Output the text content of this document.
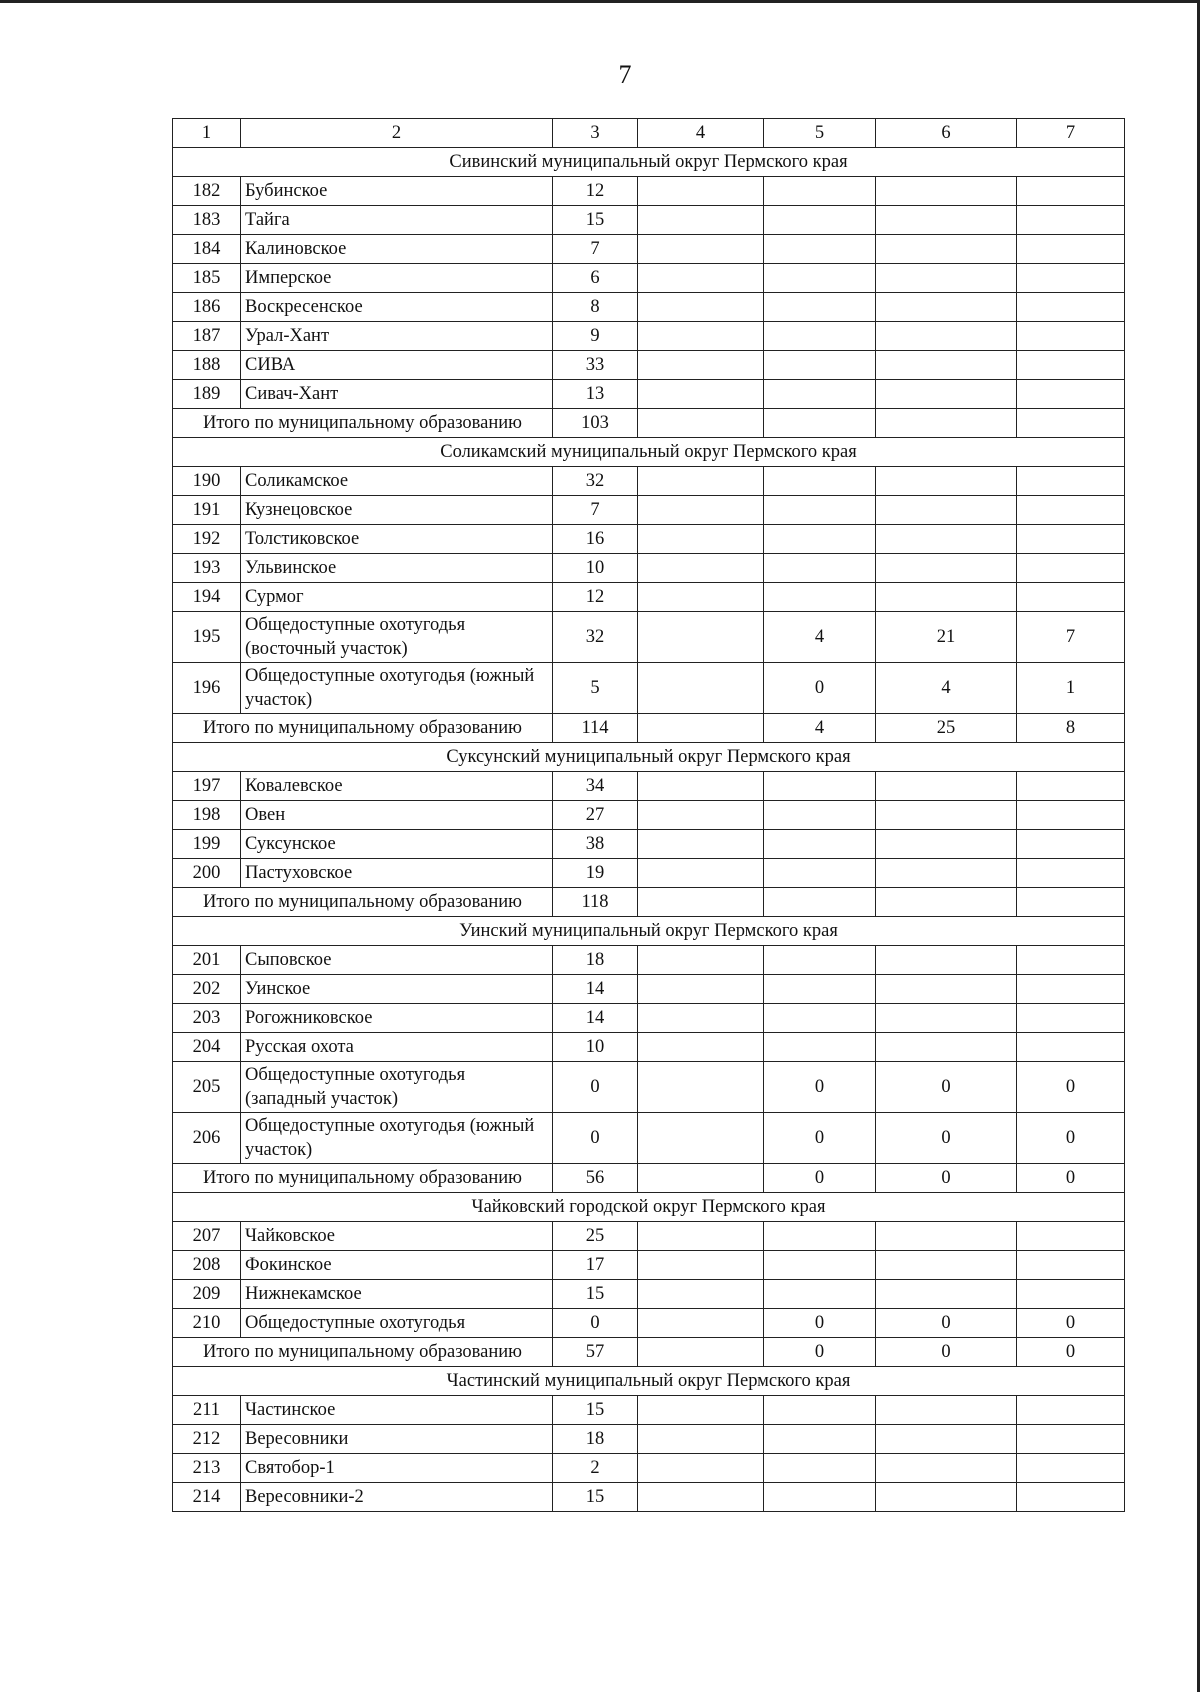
7
1	2	3	4	5	6	7
Сивинский муниципальный округ Пермского края						
182	Бубинское	12				
183	Тайга	15				
184	Калиновское	7				
185	Имперское	6				
186	Воскресенское	8				
187	Урал-Хант	9				
188	СИВА	33				
189	Сивач-Хант	13				
Итого по муниципальному образованию		103				
Соликамский муниципальный округ Пермского края						
190	Соликамское	32				
191	Кузнецовское	7				
192	Толстиковское	16				
193	Ульвинское	10				
194	Сурмог	12				
195	Общедоступные охотугодья (восточный участок)	32		4	21	7
196	Общедоступные охотугодья (южный участок)	5		0	4	1
Итого по муниципальному образованию		114		4	25	8
Суксунский муниципальный округ Пермского края						
197	Ковалевское	34				
198	Овен	27				
199	Суксунское	38				
200	Пастуховское	19				
Итого по муниципальному образованию		118				
Уинский муниципальный округ Пермского края						
201	Сыповское	18				
202	Уинское	14				
203	Рогожниковское	14				
204	Русская охота	10				
205	Общедоступные охотугодья (западный участок)	0		0	0	0
206	Общедоступные охотугодья (южный участок)	0		0	0	0
Итого по муниципальному образованию		56		0	0	0
Чайковский городской округ Пермского края						
207	Чайковское	25				
208	Фокинское	17				
209	Нижнекамское	15				
210	Общедоступные охотугодья	0		0	0	0
Итого по муниципальному образованию		57		0	0	0
Частинский муниципальный округ Пермского края						
211	Частинское	15				
212	Вересовники	18				
213	Святобор-1	2				
214	Вересовники-2	15				
